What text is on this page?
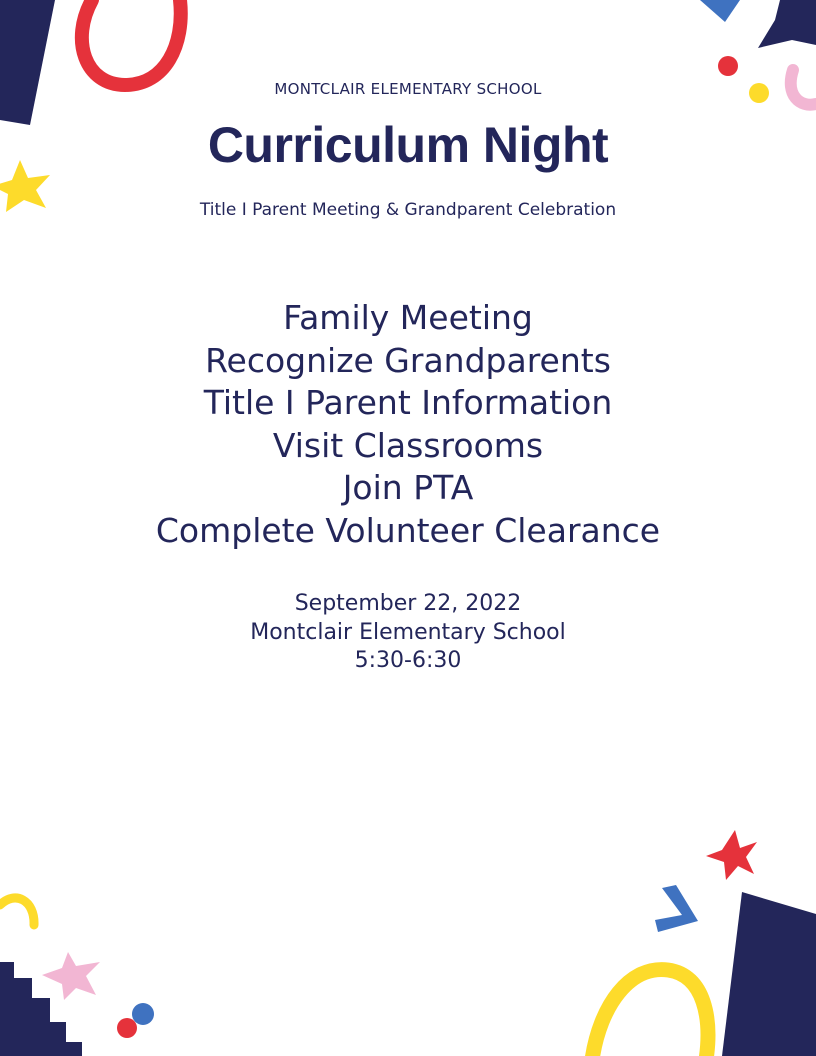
MONTCLAIR ELEMENTARY SCHOOL
Curriculum Night
Title I Parent Meeting & Grandparent Celebration
Family Meeting
Recognize Grandparents
Title I Parent Information
Visit Classrooms
Join PTA
Complete Volunteer Clearance
September 22, 2022
Montclair Elementary School
5:30-6:30
